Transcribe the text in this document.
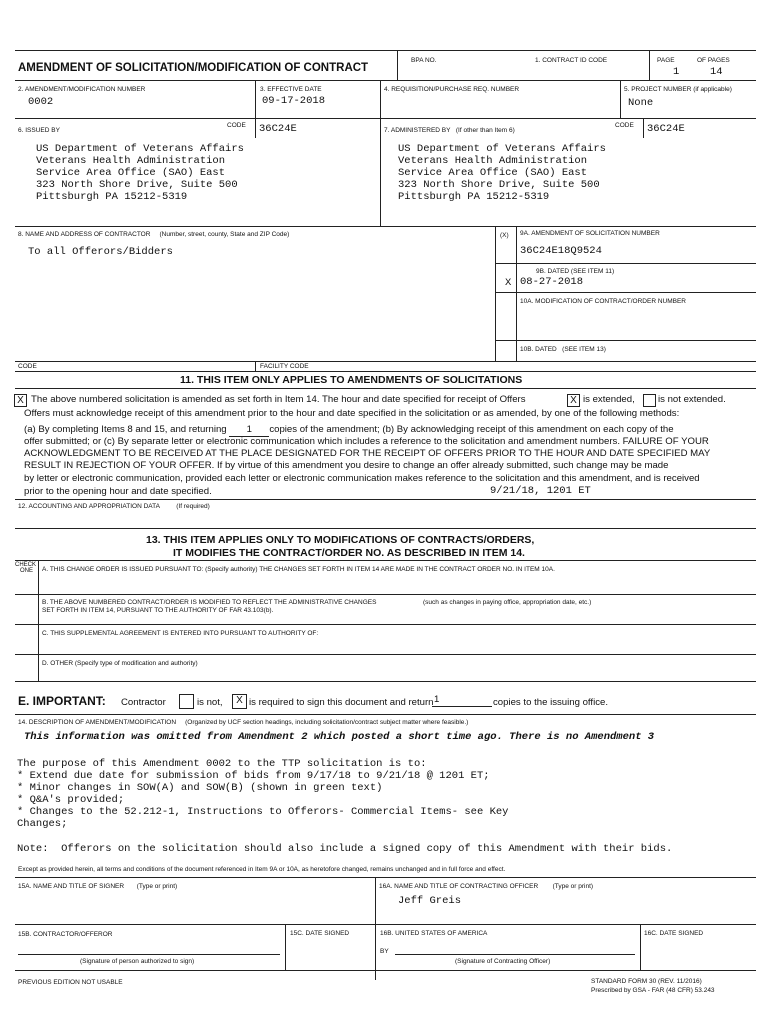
AMENDMENT OF SOLICITATION/MODIFICATION OF CONTRACT
BPA NO.	1. CONTRACT ID CODE	PAGE	OF PAGES
1	14
2. AMENDMENT/MODIFICATION NUMBER
0002
3. EFFECTIVE DATE
09-17-2018
4. REQUISITION/PURCHASE REQ. NUMBER	5. PROJECT NUMBER (if applicable)
None
6. ISSUED BY
CODE 36C24E
US Department of Veterans Affairs
Veterans Health Administration
Service Area Office (SAO) East
323 North Shore Drive, Suite 500
Pittsburgh PA 15212-5319
7. ADMINISTERED BY (If other than Item 6)
CODE 36C24E
US Department of Veterans Affairs
Veterans Health Administration
Service Area Office (SAO) East
323 North Shore Drive, Suite 500
Pittsburgh PA 15212-5319
8. NAME AND ADDRESS OF CONTRACTOR (Number, street, county, State and ZIP Code)
To all Offerors/Bidders
(X) 9A. AMENDMENT OF SOLICITATION NUMBER
36C24E18Q9524
9B. DATED (SEE ITEM 11)
X 08-27-2018
10A. MODIFICATION OF CONTRACT/ORDER NUMBER
10B. DATED (SEE ITEM 13)
CODE	FACILITY CODE
11. THIS ITEM ONLY APPLIES TO AMENDMENTS OF SOLICITATIONS
X The above numbered solicitation is amended as set forth in Item 14. The hour and date specified for receipt of Offers	X is extended, is not extended.
Offers must acknowledge receipt of this amendment prior to the hour and date specified in the solicitation or as amended, by one of the following methods:
(a) By completing Items 8 and 15, and returning 1 copies of the amendment; (b) By acknowledging receipt of this amendment on each copy of the
offer submitted; or (c) By separate letter or electronic communication which includes a reference to the solicitation and amendment numbers. FAILURE OF YOUR
ACKNOWLEDGMENT TO BE RECEIVED AT THE PLACE DESIGNATED FOR THE RECEIPT OF OFFERS PRIOR TO THE HOUR AND DATE SPECIFIED MAY
RESULT IN REJECTION OF YOUR OFFER. If by virtue of this amendment you desire to change an offer already submitted, such change may be made
by letter or electronic communication, provided each letter or electronic communication makes reference to the solicitation and this amendment, and is received
prior to the opening hour and date specified.	9/21/18, 1201 ET
12. ACCOUNTING AND APPROPRIATION DATA	(If required)
13. THIS ITEM APPLIES ONLY TO MODIFICATIONS OF CONTRACTS/ORDERS,
IT MODIFIES THE CONTRACT/ORDER NO. AS DESCRIBED IN ITEM 14.
CHECK
ONE A. THIS CHANGE ORDER IS ISSUED PURSUANT TO: (Specify authority) THE CHANGES SET FORTH IN ITEM 14 ARE MADE IN THE CONTRACT ORDER NO. IN ITEM 10A.
B. THE ABOVE NUMBERED CONTRACT/ORDER IS MODIFIED TO REFLECT THE ADMINISTRATIVE CHANGES	(such as changes in paying office, appropriation date, etc.)
SET FORTH IN ITEM 14, PURSUANT TO THE AUTHORITY OF FAR 43.103(b).
C. THIS SUPPLEMENTAL AGREEMENT IS ENTERED INTO PURSUANT TO AUTHORITY OF:
D. OTHER (Specify type of modification and authority)
E. IMPORTANT: Contractor	is not,	X is required to sign this document and return 1	copies to the issuing office.
14. DESCRIPTION OF AMENDMENT/MODIFICATION (Organized by UCF section headings, including solicitation/contract subject matter where feasible.)
This information was omitted from Amendment 2 which posted a short time ago. There is no Amendment 3
The purpose of this Amendment 0002 to the TTP solicitation is to:
* Extend due date for submission of bids from 9/17/18 to 9/21/18 @ 1201 ET;
* Minor changes in SOW(A) and SOW(B) (shown in green text)
* Q&A's provided;
* Changes to the 52.212-1, Instructions to Offerors- Commercial Items- see Key
Changes;
Note:  Offerors on the solicitation should also include a signed copy of this Amendment with their bids.
Except as provided herein, all terms and conditions of the document referenced in Item 9A or 10A, as heretofore changed, remains unchanged and in full force and effect.
15A. NAME AND TITLE OF SIGNER (Type or print)	16A. NAME AND TITLE OF CONTRACTING OFFICER (Type or print)
Jeff Greis
15B. CONTRACTOR/OFFEROR	15C. DATE SIGNED	16B. UNITED STATES OF AMERICA	16C. DATE SIGNED
BY
(Signature of person authorized to sign)	(Signature of Contracting Officer)
PREVIOUS EDITION NOT USABLE	STANDARD FORM 30 (REV. 11/2016)
Prescribed by GSA - FAR (48 CFR) 53.243
